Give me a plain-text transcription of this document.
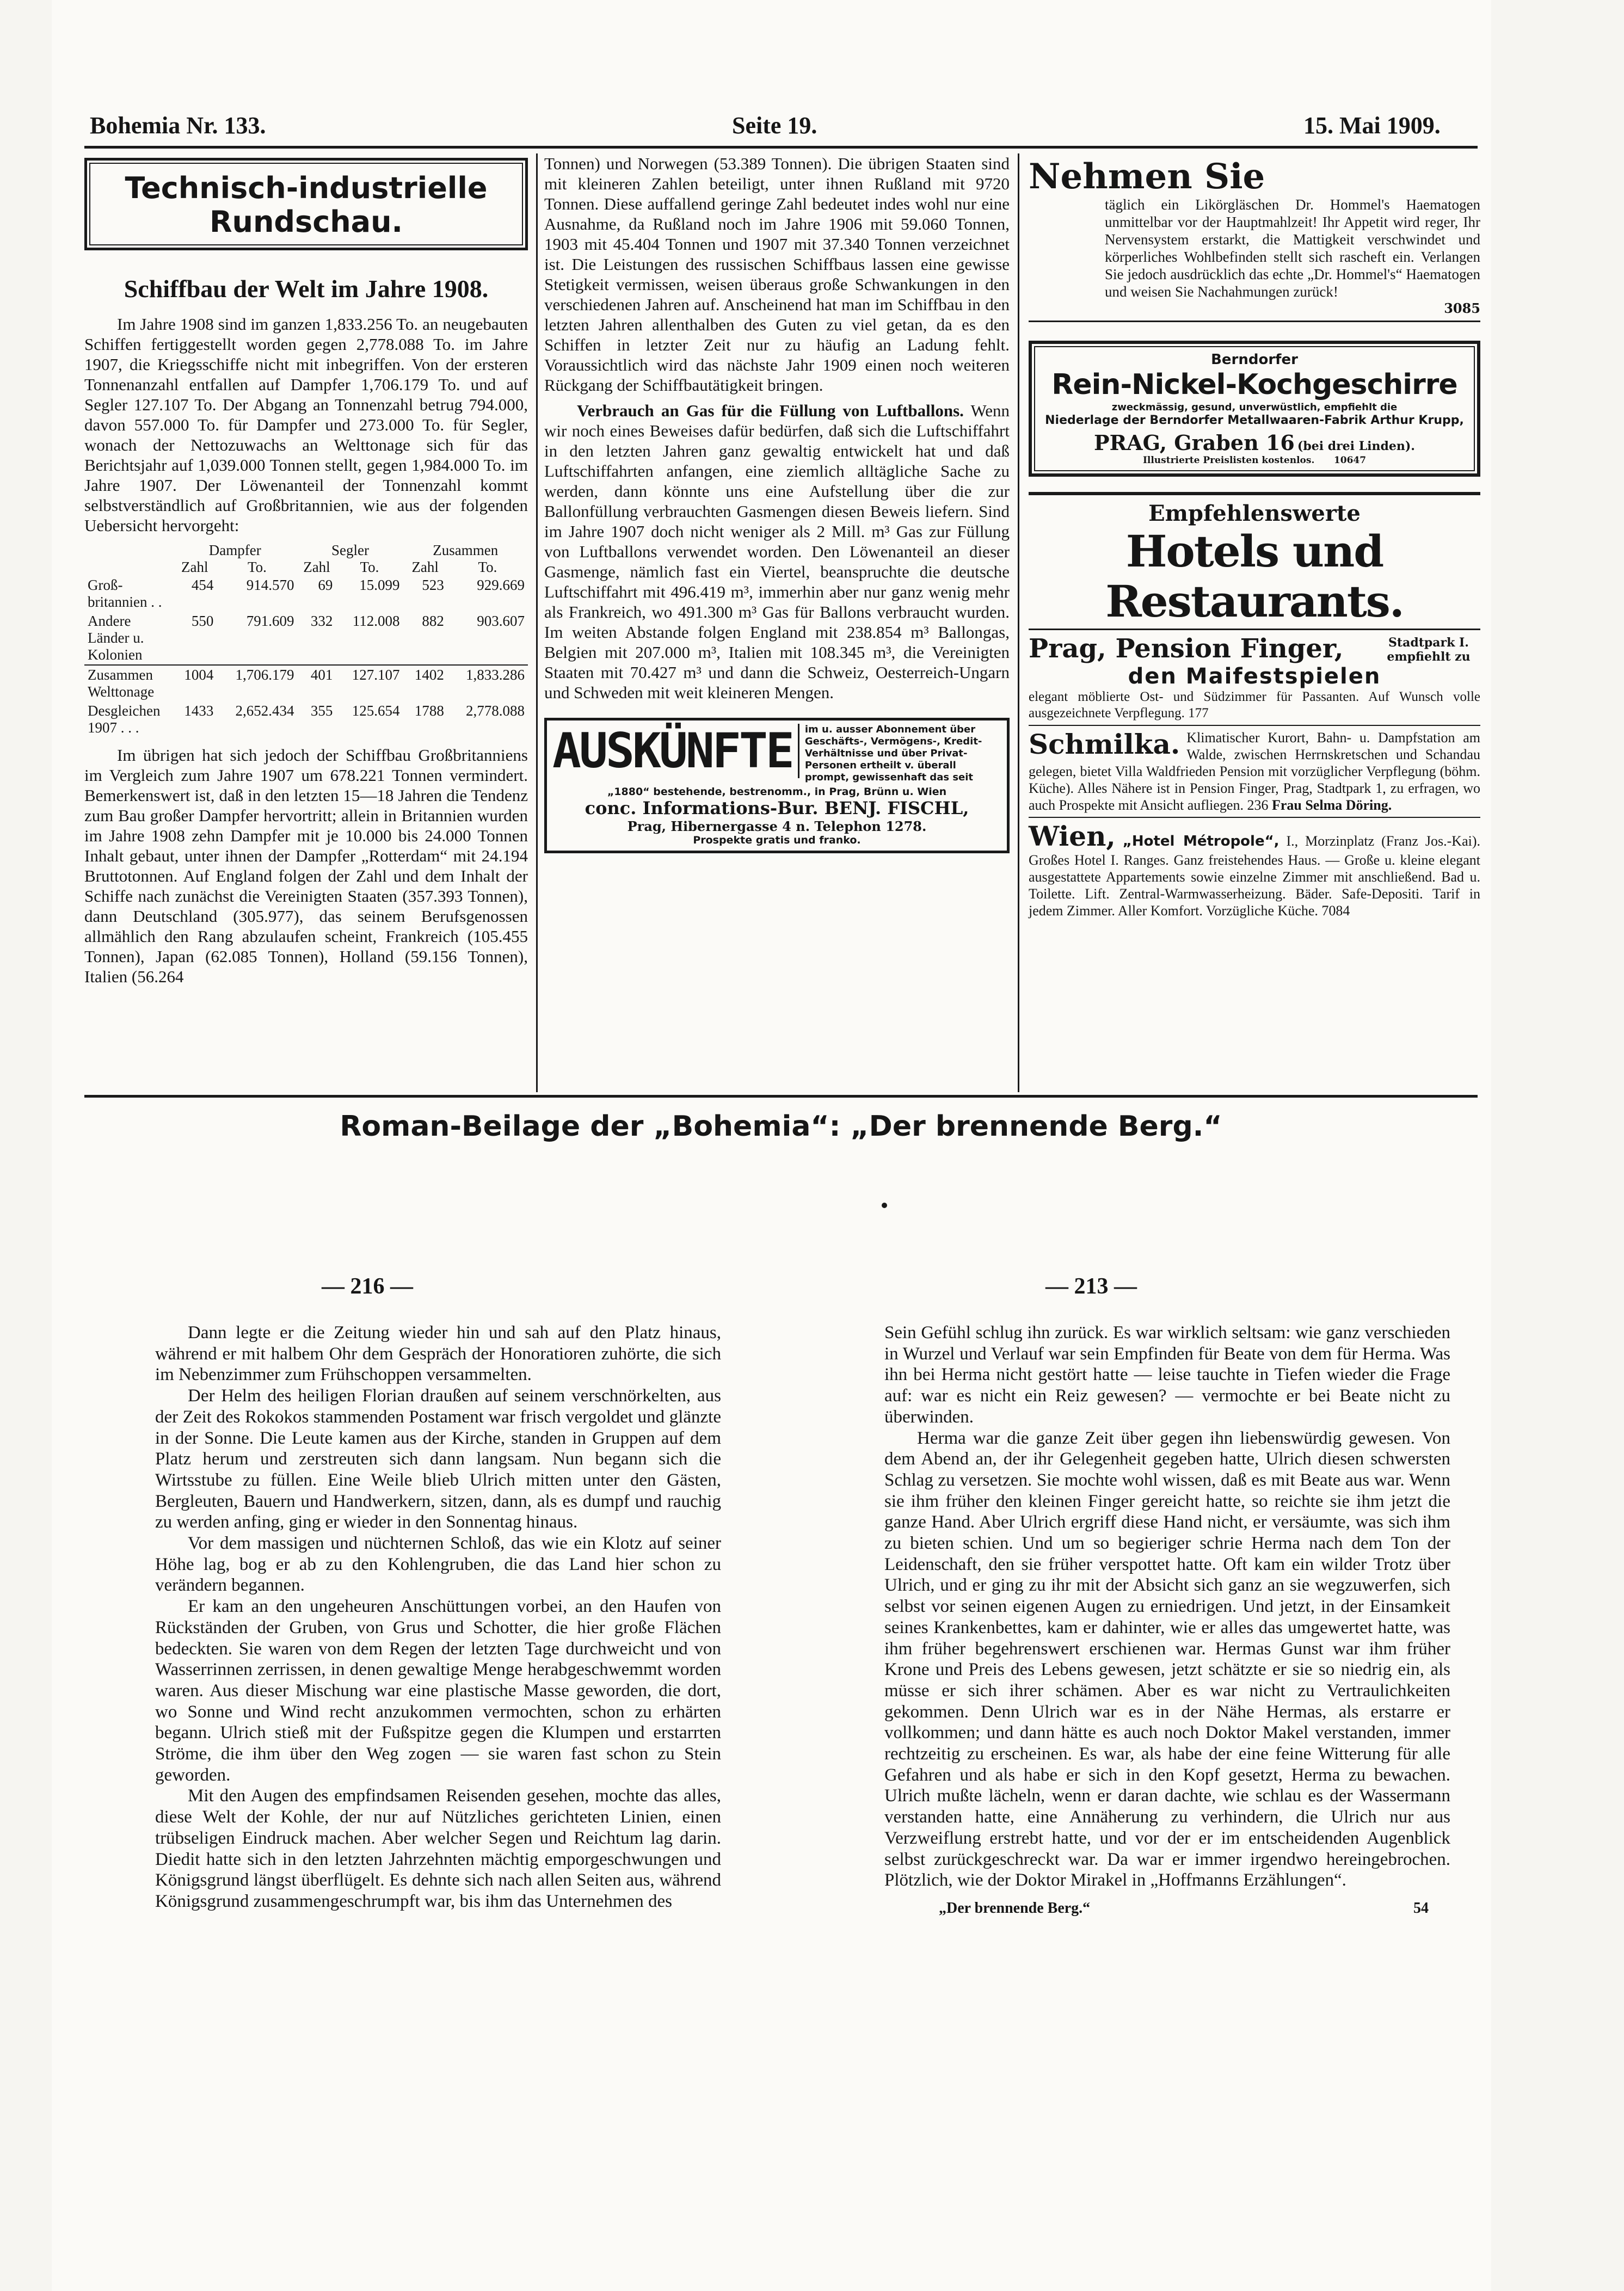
Bohemia Nr. 133.	Seite 19.	15. Mai 1909.
Technisch-industrielle
Rundschau.
Schiffbau der Welt im Jahre 1908.

Im Jahre 1908 sind im ganzen 1,833.256 To. an neugebauten Schiffen fertiggestellt worden gegen 2,778.088 To. im Jahre 1907, die Kriegsschiffe nicht mit inbegriffen. Von der ersteren Tonnenanzahl entfallen auf Dampfer 1,706.179 To. und auf Segler 127.107 To. Der Abgang an Tonnenzahl betrug 794.000, davon 557.000 To. für Dampfer und 273.000 To. für Segler, wonach der Nettozuwachs an Welttonage sich für das Berichtsjahr auf 1,039.000 Tonnen stellt, gegen 1,984.000 To. im Jahre 1907. Der Löwenanteil der Tonnenzahl kommt selbstverständlich auf Großbritannien, wie aus der folgenden Uebersicht hervorgeht:

	Dampfer		Segler		Zusammen	
	Zahl	To.	Zahl	To.	Zahl	To.
Groß-britannien . .	454	914.570	69	15.099	523	929.669
Andere Länder u. Kolonien	550	791.609	332	112.008	882	903.607
Zusammen Welttonage	1004	1,706.179	401	127.107	1402	1,833.286
Desgleichen 1907 . . .	1433	2,652.434	355	125.654	1788	2,778.088

Im übrigen hat sich jedoch der Schiffbau Großbritanniens im Vergleich zum Jahre 1907 um 678.221 Tonnen vermindert. Bemerkenswert ist, daß in den letzten 15—18 Jahren die Tendenz zum Bau großer Dampfer hervortritt; allein in Britannien wurden im Jahre 1908 zehn Dampfer mit je 10.000 bis 24.000 Tonnen Inhalt gebaut, unter ihnen der Dampfer „Rotterdam“ mit 24.194 Bruttotonnen. Auf England folgen der Zahl und dem Inhalt der Schiffe nach zunächst die Vereinigten Staaten (357.393 Tonnen), dann Deutschland (305.977), das seinem Berufsgenossen allmählich den Rang abzulaufen scheint, Frankreich (105.455 Tonnen), Japan (62.085 Tonnen), Holland (59.156 Tonnen), Italien (56.264

Tonnen) und Norwegen (53.389 Tonnen). Die übrigen Staaten sind mit kleineren Zahlen beteiligt, unter ihnen Rußland mit 9720 Tonnen. Diese auffallend geringe Zahl bedeutet indes wohl nur eine Ausnahme, da Rußland noch im Jahre 1906 mit 59.060 Tonnen, 1903 mit 45.404 Tonnen und 1907 mit 37.340 Tonnen verzeichnet ist. Die Leistungen des russischen Schiffbaus lassen eine gewisse Stetigkeit vermissen, weisen überaus große Schwankungen in den verschiedenen Jahren auf. Anscheinend hat man im Schiffbau in den letzten Jahren allenthalben des Guten zu viel getan, da es den Schiffen in letzter Zeit nur zu häufig an Ladung fehlt. Voraussichtlich wird das nächste Jahr 1909 einen noch weiteren Rückgang der Schiffbautätigkeit bringen.

Verbrauch an Gas für die Füllung von Luftballons. Wenn wir noch eines Beweises dafür bedürfen, daß sich die Luftschiffahrt in den letzten Jahren ganz gewaltig entwickelt hat und daß Luftschiffahrten anfangen, eine ziemlich alltägliche Sache zu werden, dann könnte uns eine Aufstellung über die zur Ballonfüllung verbrauchten Gasmengen diesen Beweis liefern. Sind im Jahre 1907 doch nicht weniger als 2 Mill. m³ Gas zur Füllung von Luftballons verwendet worden. Den Löwenanteil an dieser Gasmenge, nämlich fast ein Viertel, beanspruchte die deutsche Luftschiffahrt mit 496.419 m³, immerhin aber nur ganz wenig mehr als Frankreich, wo 491.300 m³ Gas für Ballons verbraucht wurden. Im weiten Abstande folgen England mit 238.854 m³ Ballongas, Belgien mit 207.000 m³, Italien mit 108.345 m³, die Vereinigten Staaten mit 70.427 m³ und dann die Schweiz, Oesterreich-Ungarn und Schweden mit weit kleineren Mengen.

AUSKÜNFTE	im u. ausser Abonnement über Geschäfts-, Vermögens-, Kredit-Verhältnisse und über Privat-Personen ertheilt v. überall prompt, gewissenhaft das seit
„1880“ bestehende, bestrenomm., in Prag, Brünn u. Wien
conc. Informations-Bur. BENJ. FISCHL,
Prag, Hibernergasse 4 n. Telephon 1278.
Prospekte gratis und franko.
Nehmen Sie

täglich ein Likörgläschen Dr. Hommel's Haematogen unmittelbar vor der Hauptmahlzeit! Ihr Appetit wird reger, Ihr Nervensystem erstarkt, die Mattigkeit verschwindet und körperliches Wohlbefinden stellt sich rascheft ein. Verlangen Sie jedoch ausdrücklich das echte „Dr. Hommel's“ Haematogen und weisen Sie Nachahmungen zurück!

3085
Berndorfer
Rein-Nickel-Kochgeschirre
zweckmässig, gesund, unverwüstlich, empfiehlt die
Niederlage der Berndorfer Metallwaaren-Fabrik Arthur Krupp,
PRAG, Graben 16 (bei drei Linden).
Illustrierte Preislisten kostenlos. 10647
Empfehlenswerte
Hotels und Restaurants.
Prag, Pension Finger,	Stadtpark I. empfiehlt zu
den Maifestspielen

elegant möblierte Ost- und Südzimmer für Passanten. Auf Wunsch volle ausgezeichnete Verpflegung. 177

Schmilka. Klimatischer Kurort, Bahn- u. Dampfstation am Walde, zwischen Herrnskretschen und Schandau gelegen, bietet Villa Waldfrieden Pension mit vorzüglicher Verpflegung (böhm. Küche). Alles Nähere ist in Pension Finger, Prag, Stadtpark 1, zu erfragen, wo auch Prospekte mit Ansicht aufliegen. 236 Frau Selma Döring.

Wien, „Hotel Métropole“, I., Morzinplatz (Franz Jos.-Kai). Großes Hotel I. Ranges. Ganz freistehendes Haus. — Große u. kleine elegant ausgestattete Appartements sowie einzelne Zimmer mit anschließend. Bad u. Toilette. Lift. Zentral-Warmwasserheizung. Bäder. Safe-Depositi. Tarif in jedem Zimmer. Aller Komfort. Vorzügliche Küche. 7084

Roman-Beilage der „Bohemia“: „Der brennende Berg.“
— 216 —

Dann legte er die Zeitung wieder hin und sah auf den Platz hinaus, während er mit halbem Ohr dem Gespräch der Honoratioren zuhörte, die sich im Nebenzimmer zum Frühschoppen versammelten.

Der Helm des heiligen Florian draußen auf seinem verschnörkelten, aus der Zeit des Rokokos stammenden Postament war frisch vergoldet und glänzte in der Sonne. Die Leute kamen aus der Kirche, standen in Gruppen auf dem Platz herum und zerstreuten sich dann langsam. Nun begann sich die Wirtsstube zu füllen. Eine Weile blieb Ulrich mitten unter den Gästen, Bergleuten, Bauern und Handwerkern, sitzen, dann, als es dumpf und rauchig zu werden anfing, ging er wieder in den Sonnentag hinaus.

Vor dem massigen und nüchternen Schloß, das wie ein Klotz auf seiner Höhe lag, bog er ab zu den Kohlengruben, die das Land hier schon zu verändern begannen.

Er kam an den ungeheuren Anschüttungen vorbei, an den Haufen von Rückständen der Gruben, von Grus und Schotter, die hier große Flächen bedeckten. Sie waren von dem Regen der letzten Tage durchweicht und von Wasserrinnen zerrissen, in denen gewaltige Menge herabgeschwemmt worden waren. Aus dieser Mischung war eine plastische Masse geworden, die dort, wo Sonne und Wind recht anzukommen vermochten, schon zu erhärten begann. Ulrich stieß mit der Fußspitze gegen die Klumpen und erstarrten Ströme, die ihm über den Weg zogen — sie waren fast schon zu Stein geworden.

Mit den Augen des empfindsamen Reisenden gesehen, mochte das alles, diese Welt der Kohle, der nur auf Nützliches gerichteten Linien, einen trübseligen Eindruck machen. Aber welcher Segen und Reichtum lag darin. Diedit hatte sich in den letzten Jahrzehnten mächtig emporgeschwungen und Königsgrund längst überflügelt. Es dehnte sich nach allen Seiten aus, während Königsgrund zusammengeschrumpft war, bis ihm das Unternehmen des

— 213 —

Sein Gefühl schlug ihn zurück. Es war wirklich seltsam: wie ganz verschieden in Wurzel und Verlauf war sein Empfinden für Beate von dem für Herma. Was ihn bei Herma nicht gestört hatte — leise tauchte in Tiefen wieder die Frage auf: war es nicht ein Reiz gewesen? — vermochte er bei Beate nicht zu überwinden.

Herma war die ganze Zeit über gegen ihn liebenswürdig gewesen. Von dem Abend an, der ihr Gelegenheit gegeben hatte, Ulrich diesen schwersten Schlag zu versetzen. Sie mochte wohl wissen, daß es mit Beate aus war. Wenn sie ihm früher den kleinen Finger gereicht hatte, so reichte sie ihm jetzt die ganze Hand. Aber Ulrich ergriff diese Hand nicht, er versäumte, was sich ihm zu bieten schien. Und um so begieriger schrie Herma nach dem Ton der Leidenschaft, den sie früher verspottet hatte. Oft kam ein wilder Trotz über Ulrich, und er ging zu ihr mit der Absicht sich ganz an sie wegzuwerfen, sich selbst vor seinen eigenen Augen zu erniedrigen. Und jetzt, in der Einsamkeit seines Krankenbettes, kam er dahinter, wie er alles das umgewertet hatte, was ihm früher begehrenswert erschienen war. Hermas Gunst war ihm früher Krone und Preis des Lebens gewesen, jetzt schätzte er sie so niedrig ein, als müsse er sich ihrer schämen. Aber es war nicht zu Vertraulichkeiten gekommen. Denn Ulrich war es in der Nähe Hermas, als erstarre er vollkommen; und dann hätte es auch noch Doktor Makel verstanden, immer rechtzeitig zu erscheinen. Es war, als habe der eine feine Witterung für alle Gefahren und als habe er sich in den Kopf gesetzt, Herma zu bewachen. Ulrich mußte lächeln, wenn er daran dachte, wie schlau es der Wassermann verstanden hatte, eine Annäherung zu verhindern, die Ulrich nur aus Verzweiflung erstrebt hatte, und vor der er im entscheidenden Augenblick selbst zurückgeschreckt war. Da war er immer irgendwo hereingebrochen. Plötzlich, wie der Doktor Mirakel in „Hoffmanns Erzählungen“.

„Der brennende Berg.“	54
